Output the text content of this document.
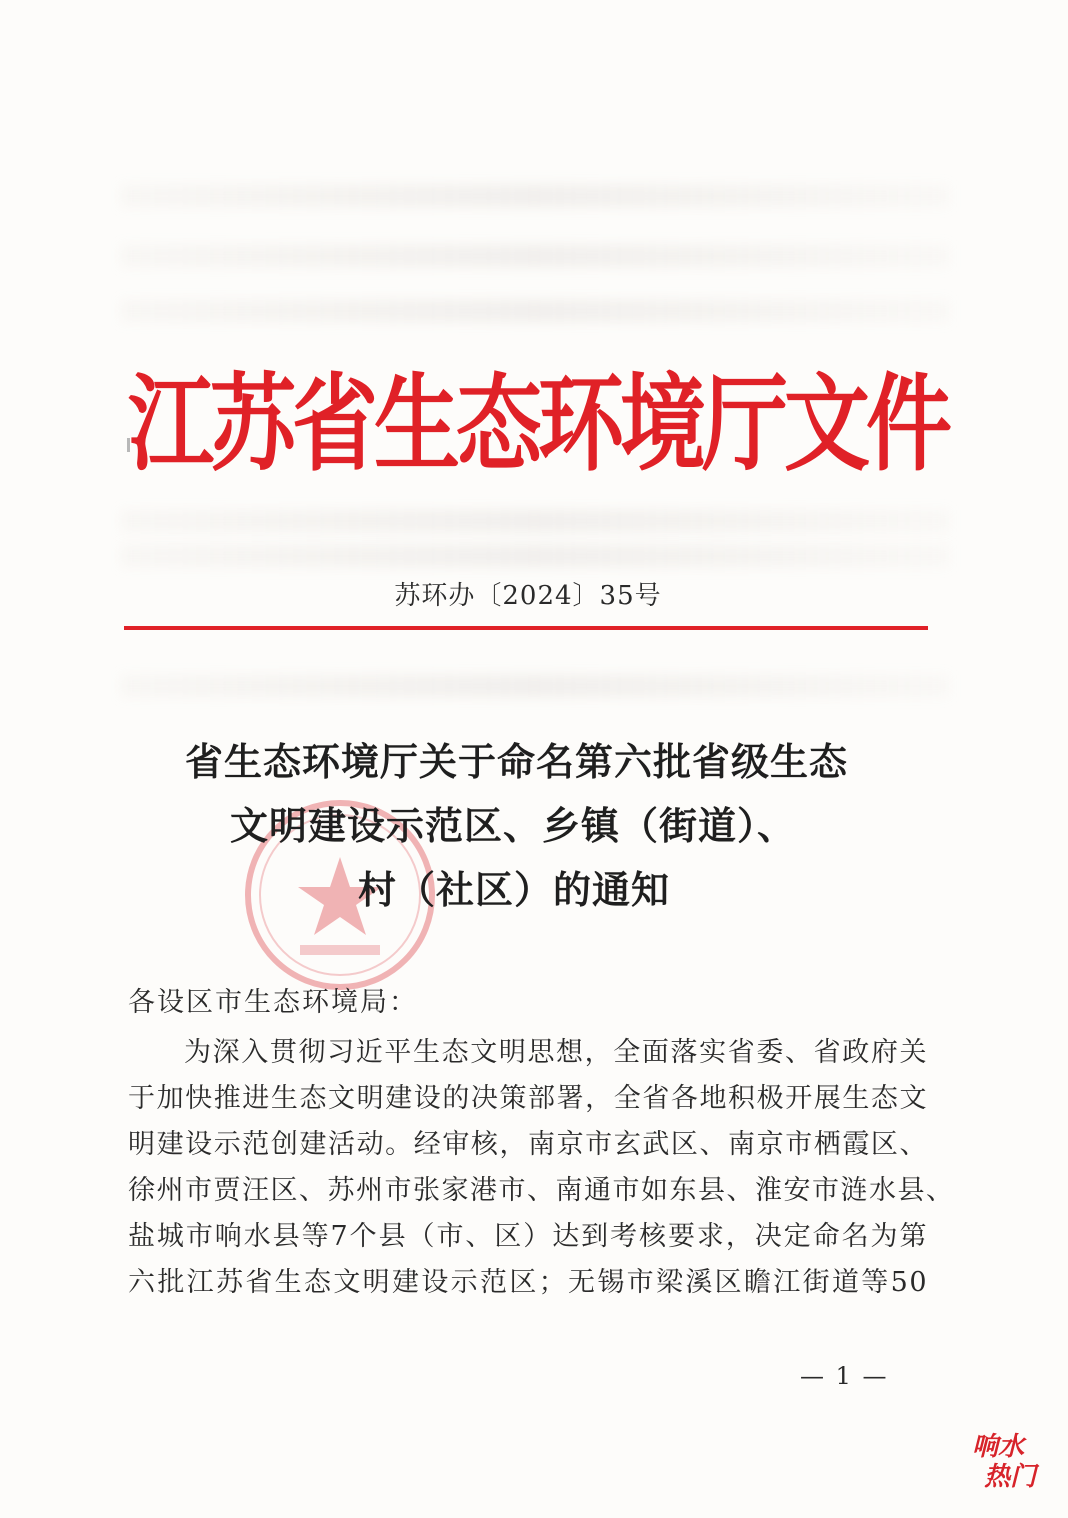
江苏省生态环境厅文件
苏环办〔2024〕35号
省生态环境厅关于命名第六批省级生态
文明建设示范区、乡镇（街道）、
村（社区）的通知
各设区市生态环境局：
为深入贯彻习近平生态文明思想，全面落实省委、省政府关
于加快推进生态文明建设的决策部署，全省各地积极开展生态文
明建设示范创建活动。经审核，南京市玄武区、南京市栖霞区、
徐州市贾汪区、苏州市张家港市、南通市如东县、淮安市涟水县、
盐城市响水县等7个县（市、区）达到考核要求，决定命名为第
六批江苏省生态文明建设示范区；无锡市梁溪区瞻江街道等50
— 1 —
响水
热门
